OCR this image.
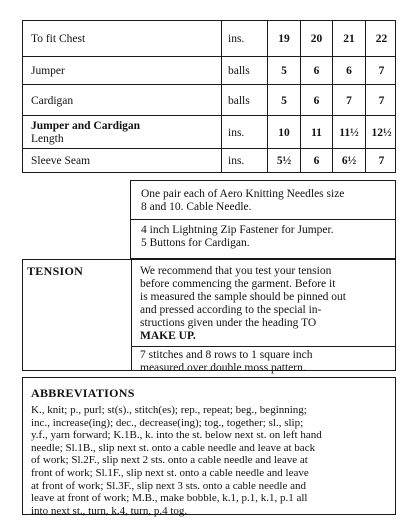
To fit Chest	ins.	19	20	21	22
Jumper	balls	5	6	6	7
Cardigan	balls	5	6	7	7
Jumper and Cardigan
Length	ins.	10	11	11½	12½
Sleeve Seam	ins.	5½	6	6½	7
One pair each of Aero Knitting Needles size
8 and 10. Cable Needle.
4 inch Lightning Zip Fastener for Jumper.
5 Buttons for Cardigan.
TENSION	We recommend that you test your tension
before commencing the garment. Before it
is measured the sample should be pinned out
and pressed according to the special in-
structions given under the heading TO
MAKE UP.
7 stitches and 8 rows to 1 square inch
measured over double moss pattern.
ABBREVIATIONS
K., knit; p., purl; st(s)., stitch(es); rep., repeat; beg., beginning;
inc., increase(ing); dec., decrease(ing); tog., together; sl., slip;
y.f., yarn forward; K.1B., k. into the st. below next st. on left hand
needle; Sl.1B., slip next st. onto a cable needle and leave at back
of work; Sl.2F., slip next 2 sts. onto a cable needle and leave at
front of work; Sl.1F., slip next st. onto a cable needle and leave
at front of work; Sl.3F., slip next 3 sts. onto a cable needle and
leave at front of work; M.B., make bobble, k.1, p.1, k.1, p.1 all
into next st., turn, k.4, turn, p.4 tog.
